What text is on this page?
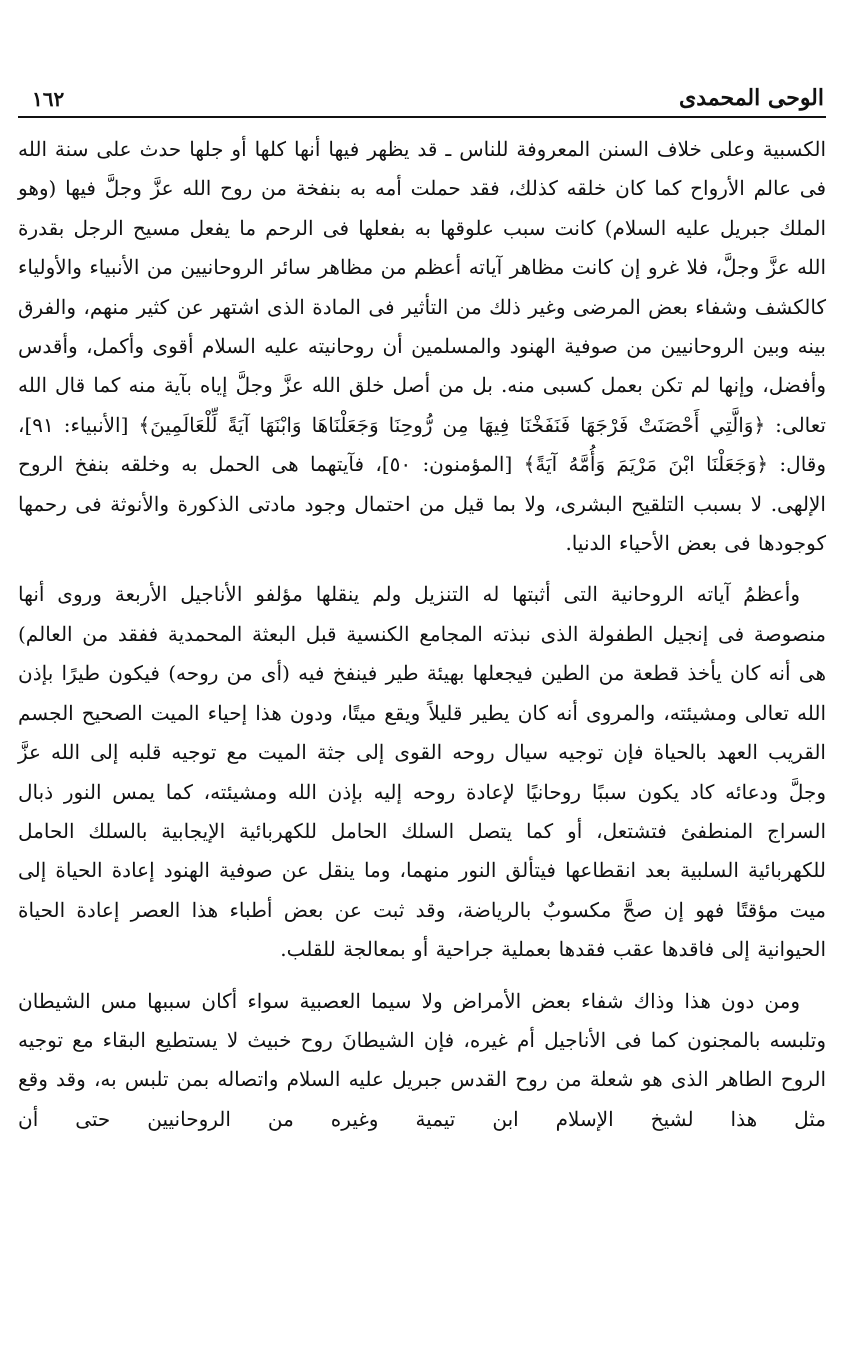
الوحى المحمدى
١٦٢

الكسبية وعلى خلاف السنن المعروفة للناس ـ قد يظهر فيها أنها كلها أو جلها حدث على سنة الله فى عالم الأرواح كما كان خلقه كذلك، فقد حملت أمه به بنفخة من روح الله عزَّ وجلَّ فيها (وهو الملك جبريل عليه السلام) كانت سبب علوقها به بفعلها فى الرحم ما يفعل مسيح الرجل بقدرة الله عزَّ وجلَّ، فلا غرو إن كانت مظاهر آياته أعظم من مظاهر سائر الروحانيين من الأنبياء والأولياء كالكشف وشفاء بعض المرضى وغير ذلك من التأثير فى المادة الذى اشتهر عن كثير منهم، والفرق بينه وبين الروحانيين من صوفية الهنود والمسلمين أن روحانيته عليه السلام أقوى وأكمل، وأقدس وأفضل، وإنها لم تكن بعمل كسبى منه. بل من أصل خلق الله عزَّ وجلَّ إياه بآية منه كما قال الله تعالى: ﴿وَالَّتِي أَحْصَنَتْ فَرْجَهَا فَنَفَخْنَا فِيهَا مِن رُّوحِنَا وَجَعَلْنَاهَا وَابْنَهَا آيَةً لِّلْعَالَمِينَ﴾ [الأنبياء: ٩١]، وقال: ﴿وَجَعَلْنَا ابْنَ مَرْيَمَ وَأُمَّهُ آيَةً﴾ [المؤمنون: ٥٠]، فآيتهما هى الحمل به وخلقه بنفخ الروح الإلهى. لا بسبب التلقيح البشرى، ولا بما قيل من احتمال وجود مادتى الذكورة والأنوثة فى رحمها كوجودها فى بعض الأحياء الدنيا.

وأعظمُ آياته الروحانية التى أثبتها له التنزيل ولم ينقلها مؤلفو الأناجيل الأربعة وروى أنها منصوصة فى إنجيل الطفولة الذى نبذته المجامع الكنسية قبل البعثة المحمدية ففقد من العالم) هى أنه كان يأخذ قطعة من الطين فيجعلها بهيئة طير فينفخ فيه (أى من روحه) فيكون طيرًا بإذن الله تعالى ومشيئته، والمروى أنه كان يطير قليلاً ويقع ميتًا، ودون هذا إحياء الميت الصحيح الجسم القريب العهد بالحياة فإن توجيه سيال روحه القوى إلى جثة الميت مع توجيه قلبه إلى الله عزَّ وجلَّ ودعائه كاد يكون سببًا روحانيًا لإعادة روحه إليه بإذن الله ومشيئته، كما يمس النور ذبال السراج المنطفئ فتشتعل، أو كما يتصل السلك الحامل للكهربائية الإيجابية بالسلك الحامل للكهربائية السلبية بعد انقطاعها فيتألق النور منهما، وما ينقل عن صوفية الهنود إعادة الحياة إلى ميت مؤقتًا فهو إن صحَّ مكسوبٌ بالرياضة، وقد ثبت عن بعض أطباء هذا العصر إعادة الحياة الحيوانية إلى فاقدها عقب فقدها بعملية جراحية أو بمعالجة للقلب.

ومن دون هذا وذاك شفاء بعض الأمراض ولا سيما العصبية سواء أكان سببها مس الشيطان وتلبسه بالمجنون كما فى الأناجيل أم غيره، فإن الشيطانَ روح خبيث لا يستطيع البقاء مع توجيه الروح الطاهر الذى هو شعلة من روح القدس جبريل عليه السلام واتصاله بمن تلبس به، وقد وقع مثل هذا لشيخ الإسلام ابن تيمية وغيره من الروحانيين حتى أن
